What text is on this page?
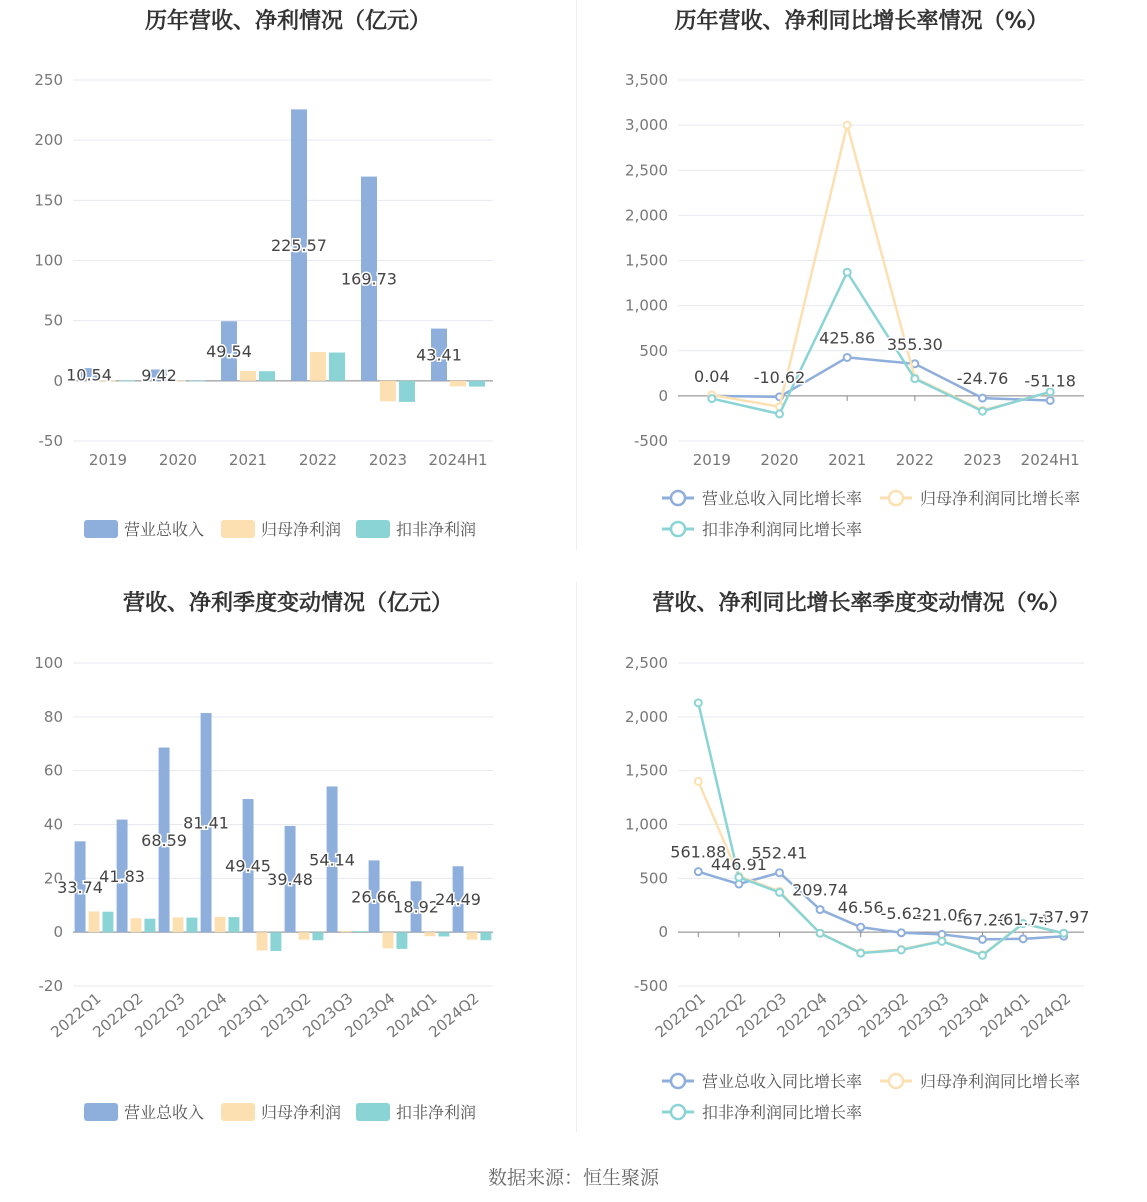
历年营收、净利情况（亿元）
-50
0
50
100
150
200
250
2019 2020 2021 2022 2023 2024H1
10.54 9.42
49.54
225.57
169.73
43.41
营业总收入	归母净利润	扣非净利润
历年营收、净利同比增长率情况（%）
-500
0
500
1,000
1,500
2,000
2,500
3,000
3,500
2019 2020 2021 2022 2023 2024H1
0.04 -10.62
425.86 355.30
-24.76 -51.18
营业总收入同比增长率	归母净利润同比增长率
扣非净利润同比增长率
营收、净利季度变动情况（亿元）
-20
0
20
40
60
80
100
2022Q1
2022Q2
2022Q3
2022Q4
2023Q1
2023Q2
2023Q3
2023Q4
2024Q1
2024Q2
33.74
41.83
68.59
81.41
49.45
39.48
54.14
26.66
18.92
24.49
营业总收入	归母净利润	扣非净利润
营收、净利同比增长率季度变动情况（%）
-500
0
500
1,000
1,500
2,000
2,500
2022Q1
2022Q2
2022Q3
2022Q4
2023Q1
2023Q2
2023Q3
2023Q4
2024Q1
2024Q2
561.88
446.91
552.41
209.74
46.56
-5.62
-21.06
-67.26
-61.74
-37.97
营业总收入同比增长率	归母净利润同比增长率
扣非净利润同比增长率
数据来源：恒生聚源
